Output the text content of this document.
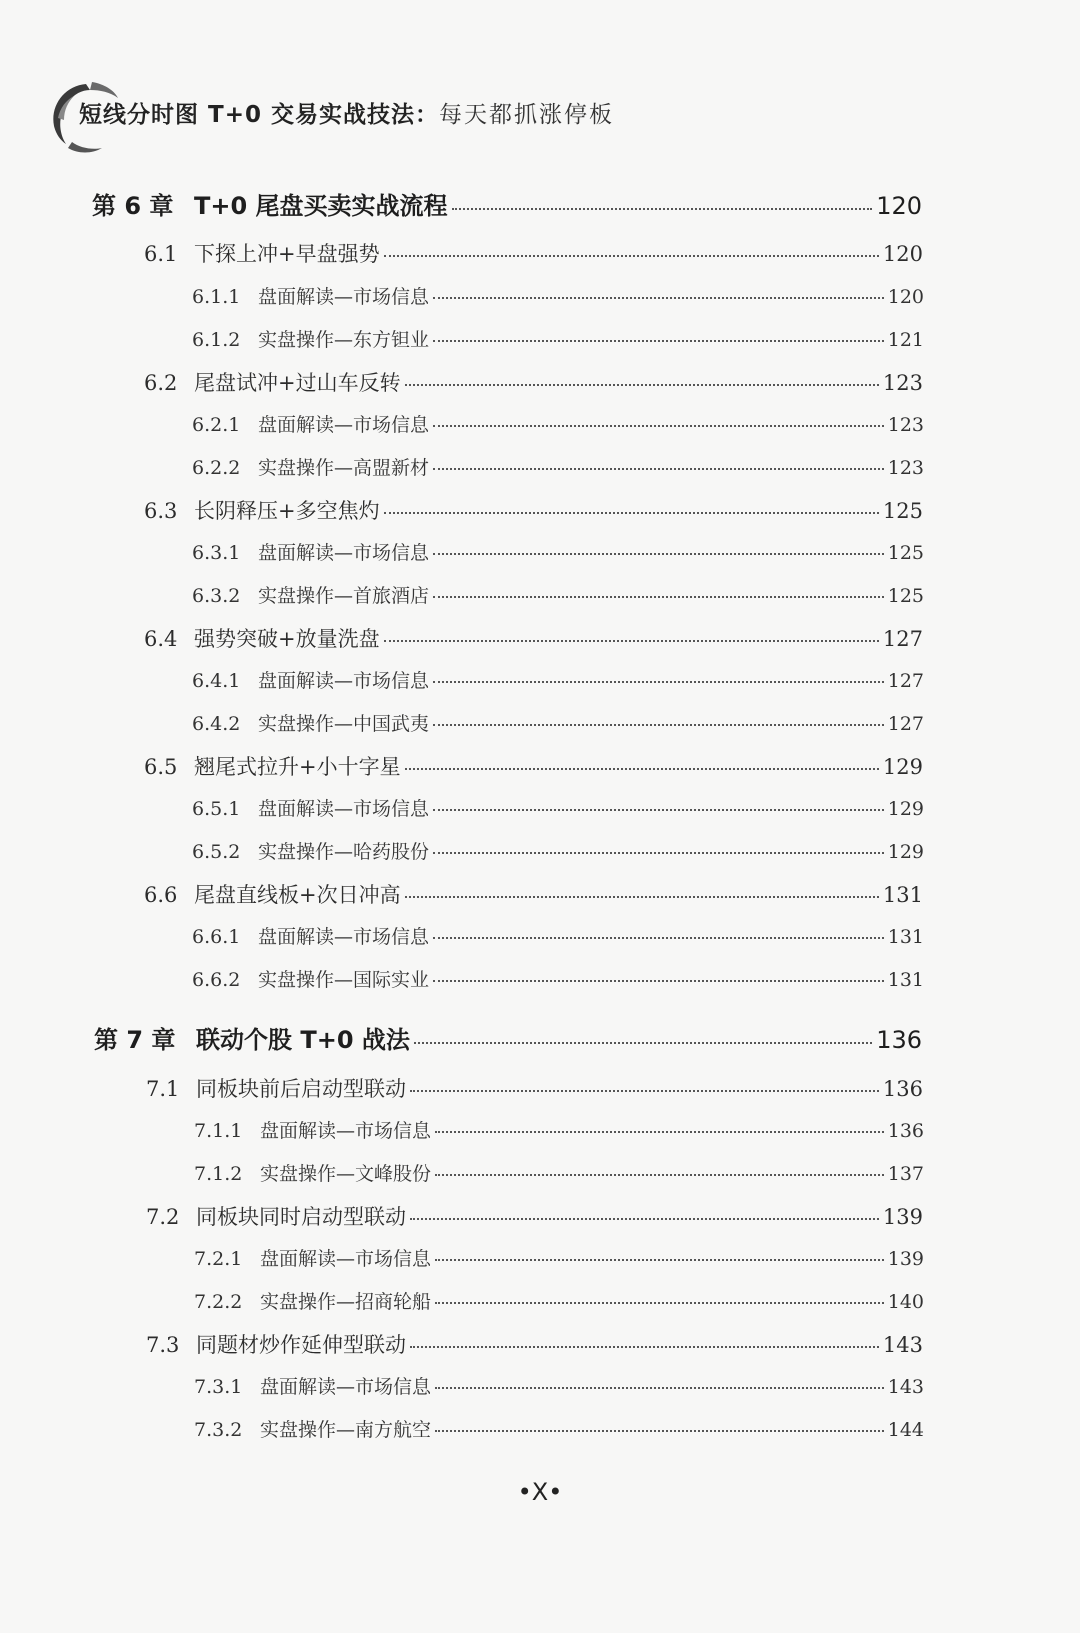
短线分时图 T+0 交易实战技法：每天都抓涨停板
第 6 章 T+0 尾盘买卖实战流程	120
6.1 下探上冲+早盘强势	120
6.1.1 盘面解读—市场信息	120
6.1.2 实盘操作—东方钽业	121
6.2 尾盘试冲+过山车反转	123
6.2.1 盘面解读—市场信息	123
6.2.2 实盘操作—高盟新材	123
6.3 长阴释压+多空焦灼	125
6.3.1 盘面解读—市场信息	125
6.3.2 实盘操作—首旅酒店	125
6.4 强势突破+放量洗盘	127
6.4.1 盘面解读—市场信息	127
6.4.2 实盘操作—中国武夷	127
6.5 翘尾式拉升+小十字星	129
6.5.1 盘面解读—市场信息	129
6.5.2 实盘操作—哈药股份	129
6.6 尾盘直线板+次日冲高	131
6.6.1 盘面解读—市场信息	131
6.6.2 实盘操作—国际实业	131
第 7 章 联动个股 T+0 战法	136
7.1 同板块前后启动型联动	136
7.1.1 盘面解读—市场信息	136
7.1.2 实盘操作—文峰股份	137
7.2 同板块同时启动型联动	139
7.2.1 盘面解读—市场信息	139
7.2.2 实盘操作—招商轮船	140
7.3 同题材炒作延伸型联动	143
7.3.1 盘面解读—市场信息	143
7.3.2 实盘操作—南方航空	144
•X•
